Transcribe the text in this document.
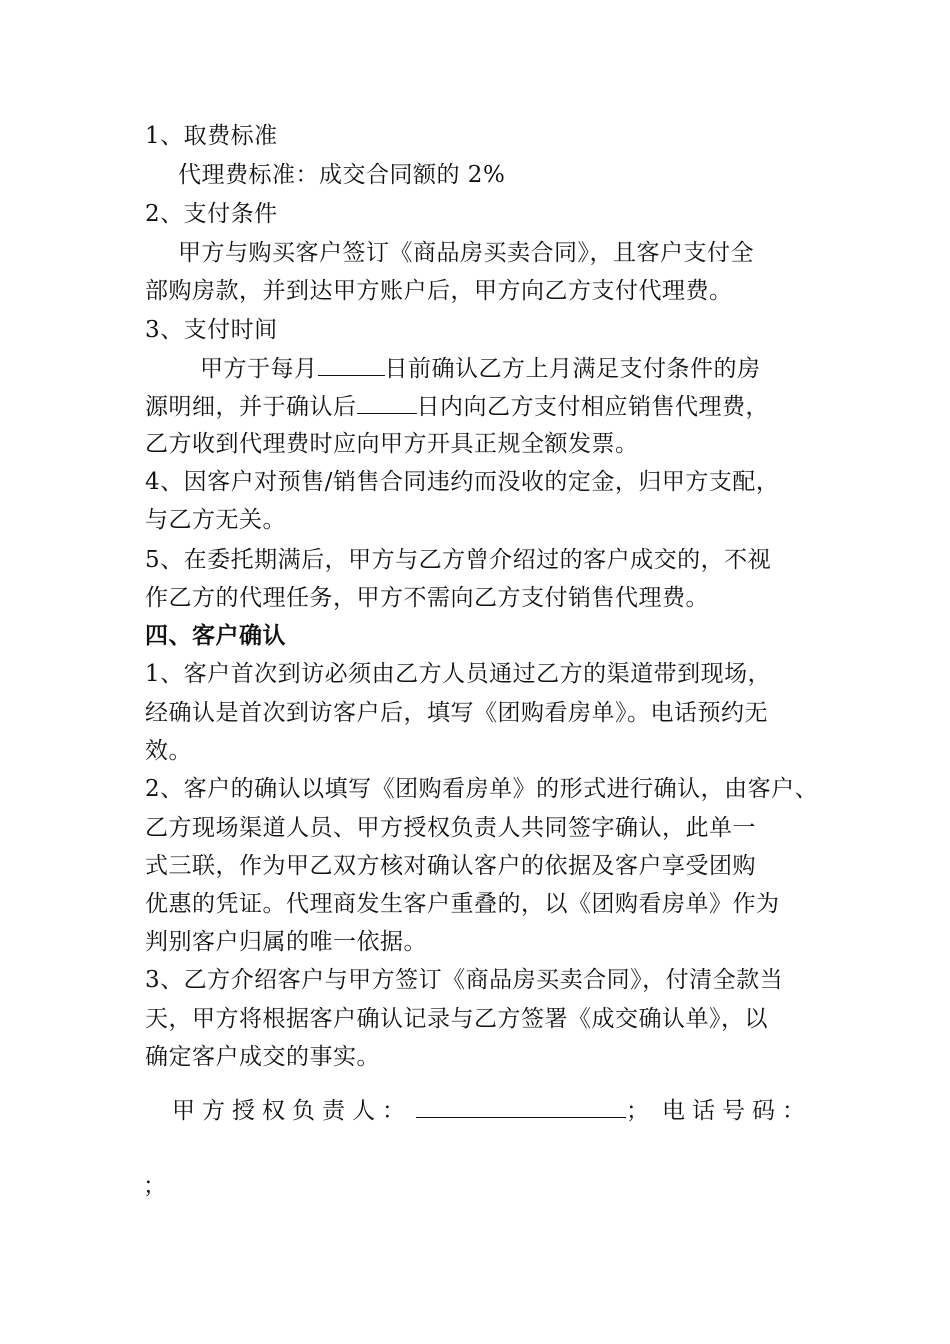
1、取费标准
代理费标准：成交合同额的 2%
2、支付条件
甲方与购买客户签订《商品房买卖合同》，且客户支付全
部购房款，并到达甲方账户后，甲方向乙方支付代理费。
3、支付时间
甲方于每月	日前确认乙方上月满足支付条件的房
源明细，并于确认后	日内向乙方支付相应销售代理费，
乙方收到代理费时应向甲方开具正规全额发票。
4、因客户对预售/销售合同违约而没收的定金，归甲方支配，
与乙方无关。
5、在委托期满后，甲方与乙方曾介绍过的客户成交的，不视
作乙方的代理任务，甲方不需向乙方支付销售代理费。
四、客户确认
1、客户首次到访必须由乙方人员通过乙方的渠道带到现场，
经确认是首次到访客户后，填写《团购看房单》。电话预约无
效。
2、客户的确认以填写《团购看房单》的形式进行确认，由客户、
乙方现场渠道人员、甲方授权负责人共同签字确认，此单一
式三联，作为甲乙双方核对确认客户的依据及客户享受团购
优惠的凭证。代理商发生客户重叠的，以《团购看房单》作为
判别客户归属的唯一依据。
3、乙方介绍客户与甲方签订《商品房买卖合同》，付清全款当
天，甲方将根据客户确认记录与乙方签署《成交确认单》，以
确定客户成交的事实。
甲方授权负责人：	； 电话号码：
；
